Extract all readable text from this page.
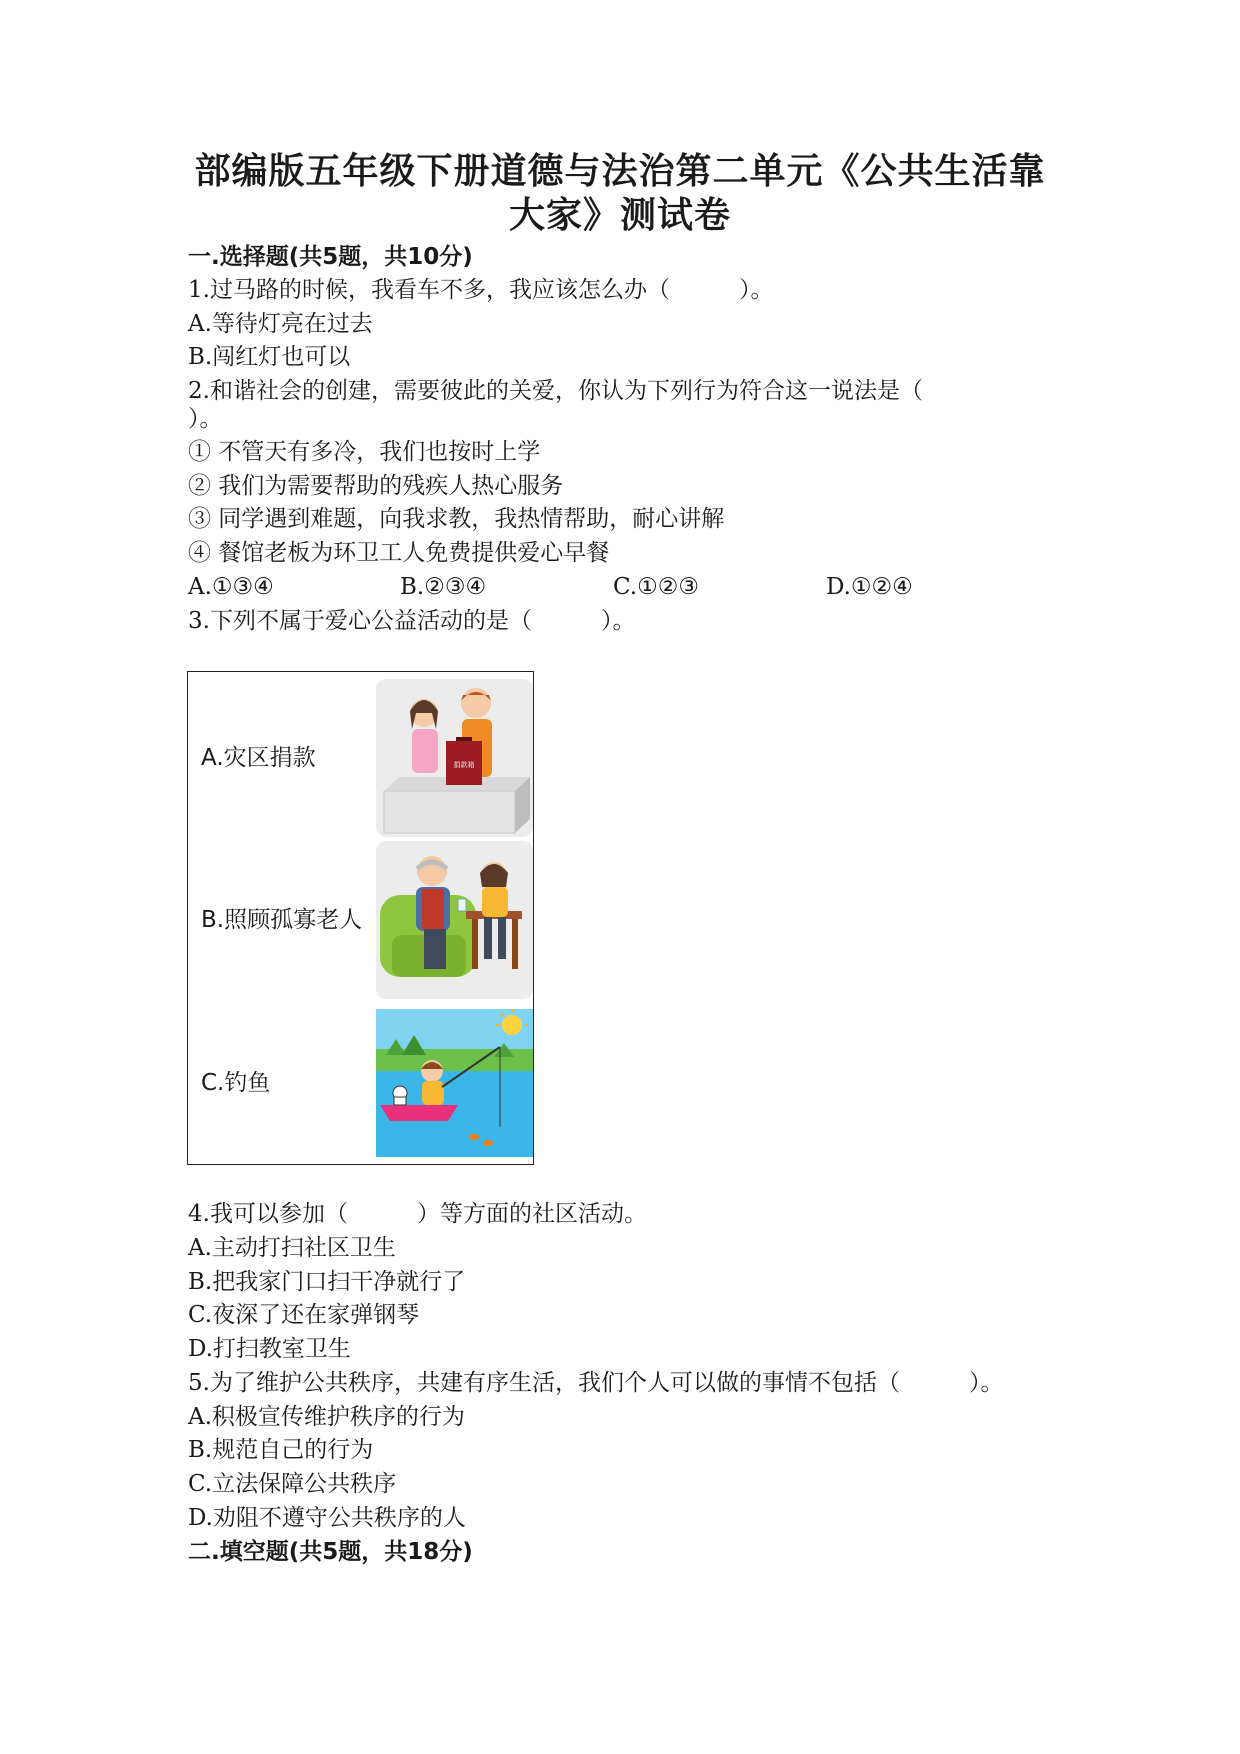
部编版五年级下册道德与法治第二单元《公共生活靠
大家》测试卷
一.选择题(共5题，共10分)
1.过马路的时候，我看车不多，我应该怎么办（　　　）。
A.等待灯亮在过去
B.闯红灯也可以
2.和谐社会的创建，需要彼此的关爱，你认为下列行为符合这一说法是（
）。
① 不管天有多冷，我们也按时上学
② 我们为需要帮助的残疾人热心服务
③ 同学遇到难题，向我求教，我热情帮助，耐心讲解
④ 餐馆老板为环卫工人免费提供爱心早餐
A.①③④	B.②③④	C.①②③	D.①②④
3.下列不属于爱心公益活动的是（　　　）。
A.灾区捐款
B.照顾孤寡老人
C.钓鱼
捐款箱
4.我可以参加（　　　）等方面的社区活动。
A.主动打扫社区卫生
B.把我家门口扫干净就行了
C.夜深了还在家弹钢琴
D.打扫教室卫生
5.为了维护公共秩序，共建有序生活，我们个人可以做的事情不包括（　　　）。
A.积极宣传维护秩序的行为
B.规范自己的行为
C.立法保障公共秩序
D.劝阻不遵守公共秩序的人
二.填空题(共5题，共18分)
